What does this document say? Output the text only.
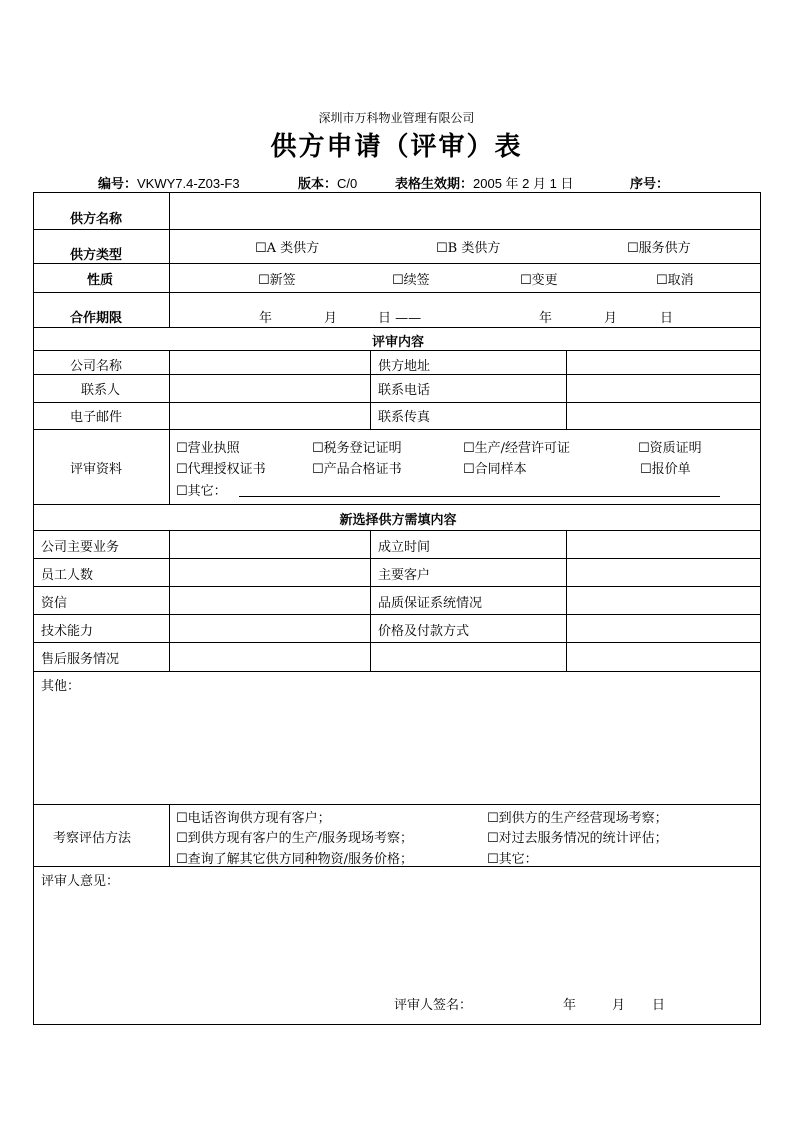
深圳市万科物业管理有限公司
供方申请（评审）表
编号：VKWY7.4-Z03-F3	版本：C/0	表格生效期：2005 年 2 月 1 日	序号：
供方名称
供方类型	☐A 类供方	☐B 类供方	☐服务供方
性质	☐新签	☐续签	☐变更	☐取消
合作期限	年	月	日 ——	年	月	日
评审内容
公司名称	供方地址
联系人	联系电话
电子邮件	联系传真
评审资料
☐营业执照	☐税务登记证明	☐生产/经营许可证	☐资质证明
☐代理授权证书	☐产品合格证书	☐合同样本	☐报价单
☐其它：
新选择供方需填内容
公司主要业务	成立时间
员工人数	主要客户
资信	品质保证系统情况
技术能力	价格及付款方式
售后服务情况
其他：
考察评估方法
☐电话咨询供方现有客户；	☐到供方的生产经营现场考察；
☐到供方现有客户的生产/服务现场考察；	☐对过去服务情况的统计评估；
☐查询了解其它供方同种物资/服务价格；	☐其它：
评审人意见：
评审人签名：	年	月 日
